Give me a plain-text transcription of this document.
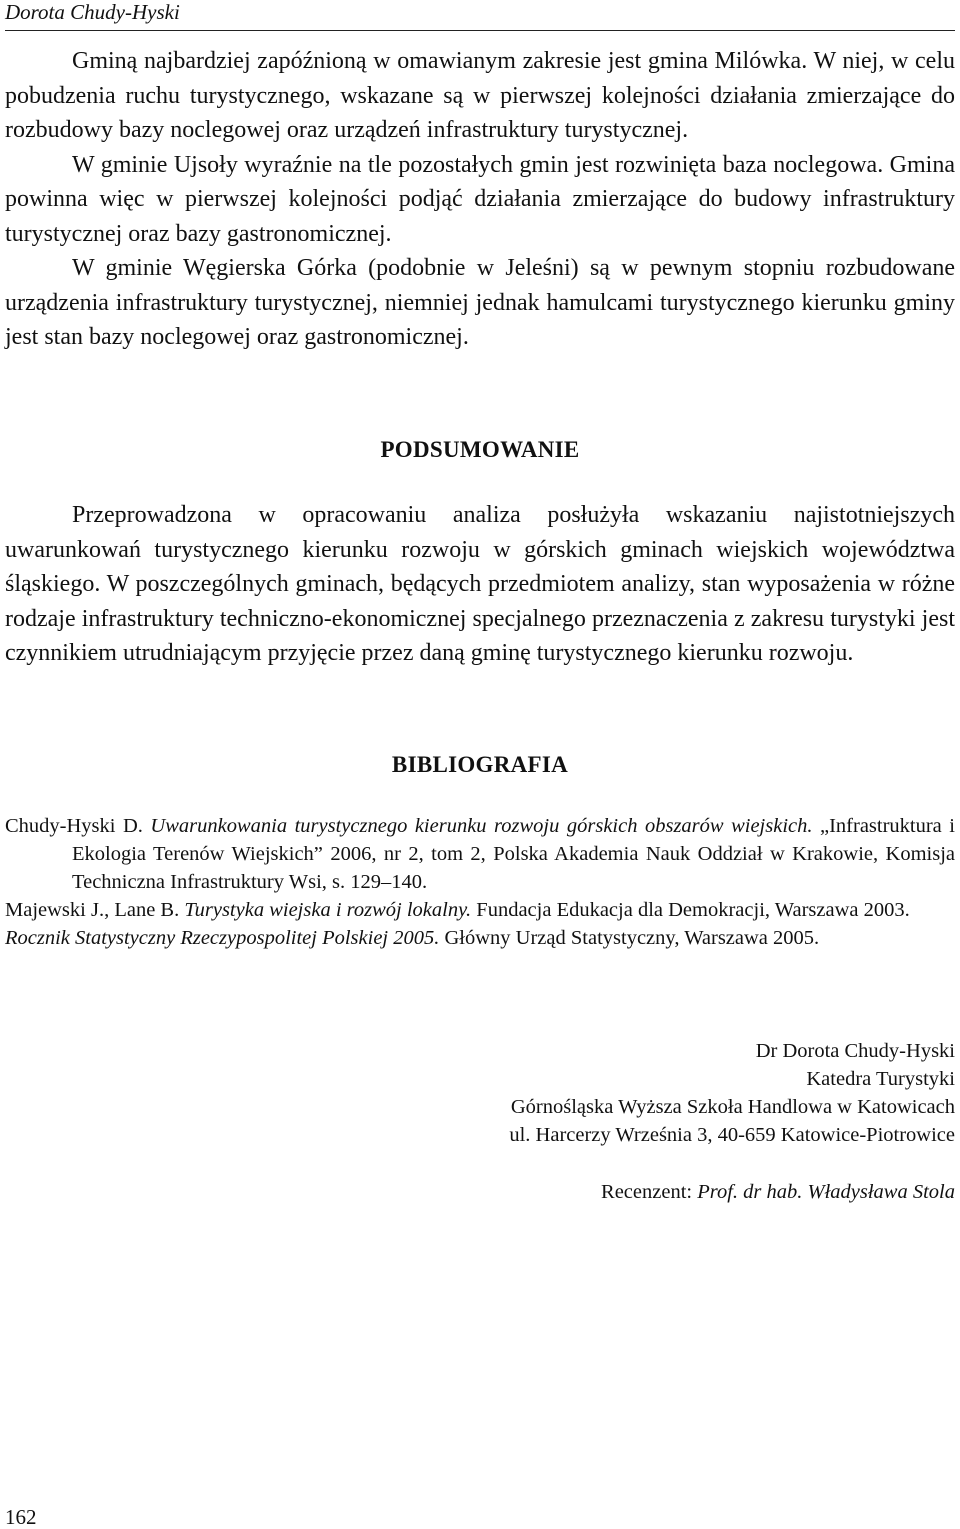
Dorota Chudy-Hyski

Gminą najbardziej zapóźnioną w omawianym zakresie jest gmina Milówka. W niej, w celu pobudzenia ruchu turystycznego, wskazane są w pierwszej kolejności działania zmierzające do rozbudowy bazy noclegowej oraz urządzeń infrastruktury turystycznej.

W gminie Ujsoły wyraźnie na tle pozostałych gmin jest rozwinięta baza noclegowa. Gmina powinna więc w pierwszej kolejności podjąć działania zmierzające do budowy infrastruktury turystycznej oraz bazy gastronomicznej.

W gminie Węgierska Górka (podobnie w Jeleśni) są w pewnym stopniu rozbudowane urządzenia infrastruktury turystycznej, niemniej jednak hamulcami turystycznego kierunku gminy jest stan bazy noclegowej oraz gastronomicznej.

PODSUMOWANIE

Przeprowadzona w opracowaniu analiza posłużyła wskazaniu najistotniejszych uwarunkowań turystycznego kierunku rozwoju w górskich gminach wiejskich województwa śląskiego. W poszczególnych gminach, będących przedmiotem analizy, stan wyposażenia w różne rodzaje infrastruktury techniczno-ekonomicznej specjalnego przeznaczenia z zakresu turystyki jest czynnikiem utrudniającym przyjęcie przez daną gminę turystycznego kierunku rozwoju.

BIBLIOGRAFIA

Chudy-Hyski D. Uwarunkowania turystycznego kierunku rozwoju górskich obszarów wiejskich. „Infrastruktura i Ekologia Terenów Wiejskich” 2006, nr 2, tom 2, Polska Akademia Nauk Oddział w Krakowie, Komisja Techniczna Infrastruktury Wsi, s. 129–140.

Majewski J., Lane B. Turystyka wiejska i rozwój lokalny. Fundacja Edukacja dla Demokracji, Warszawa 2003.

Rocznik Statystyczny Rzeczypospolitej Polskiej 2005. Główny Urząd Statystyczny, Warszawa 2005.

Dr Dorota Chudy-Hyski
Katedra Turystyki
Górnośląska Wyższa Szkoła Handlowa w Katowicach
ul. Harcerzy Września 3, 40-659 Katowice-Piotrowice
Recenzent: Prof. dr hab. Władysława Stola
162
